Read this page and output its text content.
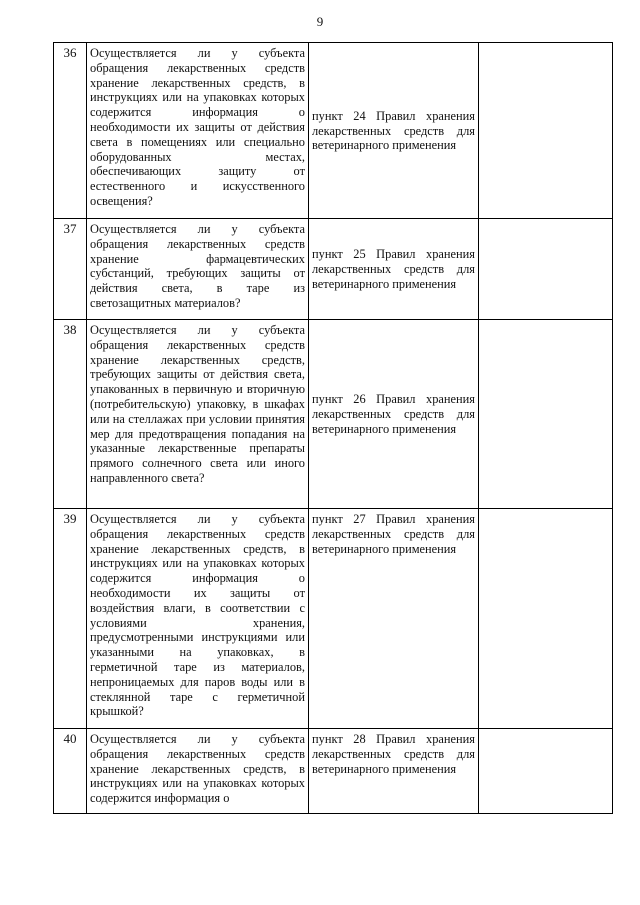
9
36	Осуществляется ли у субъекта обращения лекарственных средств хранение лекарственных средств, в инструкциях или на упаковках которых содержится информация о необходимости их защиты от действия света в помещениях или специально оборудованных местах, обеспечивающих защиту от естественного и искусственного освещения?	пункт 24 Правил хранения лекарственных средств для ветеринарного применения	
37	Осуществляется ли у субъекта обращения лекарственных средств хранение фармацевтических субстанций, требующих защиты от действия света, в таре из светозащитных материалов?	пункт 25 Правил хранения лекарственных средств для ветеринарного применения	
38	Осуществляется ли у субъекта обращения лекарственных средств хранение лекарственных средств, требующих защиты от действия света, упакованных в первичную и вторичную (потребительскую) упаковку, в шкафах или на стеллажах при условии принятия мер для предотвращения попадания на указанные лекарственные препараты прямого солнечного света или иного направленного света?	пункт 26 Правил хранения лекарственных средств для ветеринарного применения	
39	Осуществляется ли у субъекта обращения лекарственных средств хранение лекарственных средств, в инструкциях или на упаковках которых содержится информация о необходимости их защиты от воздействия влаги, в соответствии с условиями хранения, предусмотренными инструкциями или указанными на упаковках, в герметичной таре из материалов, непроницаемых для паров воды или в стеклянной таре с герметичной крышкой?	пункт 27 Правил хранения лекарственных средств для ветеринарного применения	
40	Осуществляется ли у субъекта обращения лекарственных средств хранение лекарственных средств, в инструкциях или на упаковках которых содержится информация о	пункт 28 Правил хранения лекарственных средств для ветеринарного применения	
